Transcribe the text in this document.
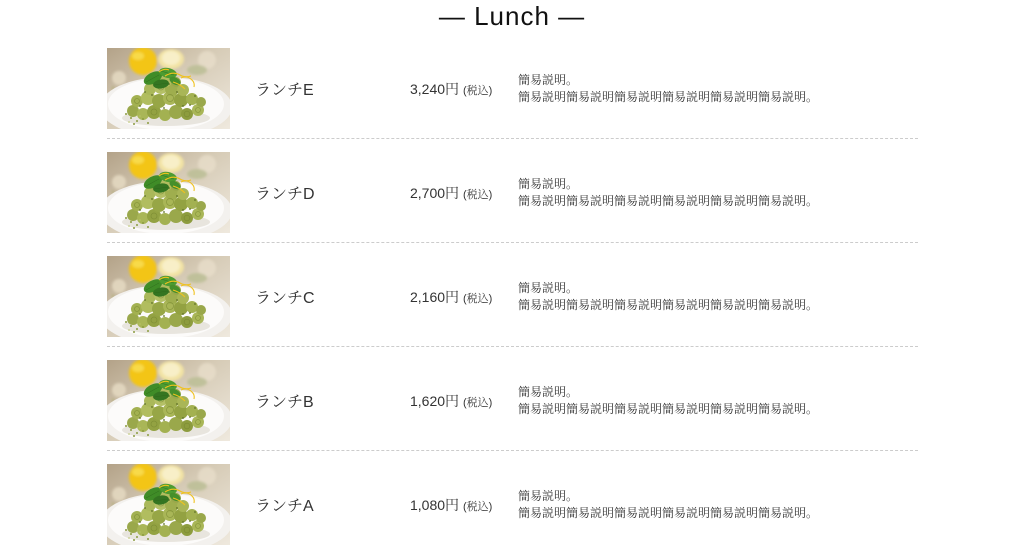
— Lunch —
ランチE	3,240円 (税込)
簡易説明。
簡易説明簡易説明簡易説明簡易説明簡易説明簡易説明。
ランチD	2,700円 (税込)
簡易説明。
簡易説明簡易説明簡易説明簡易説明簡易説明簡易説明。
ランチC	2,160円 (税込)
簡易説明。
簡易説明簡易説明簡易説明簡易説明簡易説明簡易説明。
ランチB	1,620円 (税込)
簡易説明。
簡易説明簡易説明簡易説明簡易説明簡易説明簡易説明。
ランチA	1,080円 (税込)
簡易説明。
簡易説明簡易説明簡易説明簡易説明簡易説明簡易説明。
